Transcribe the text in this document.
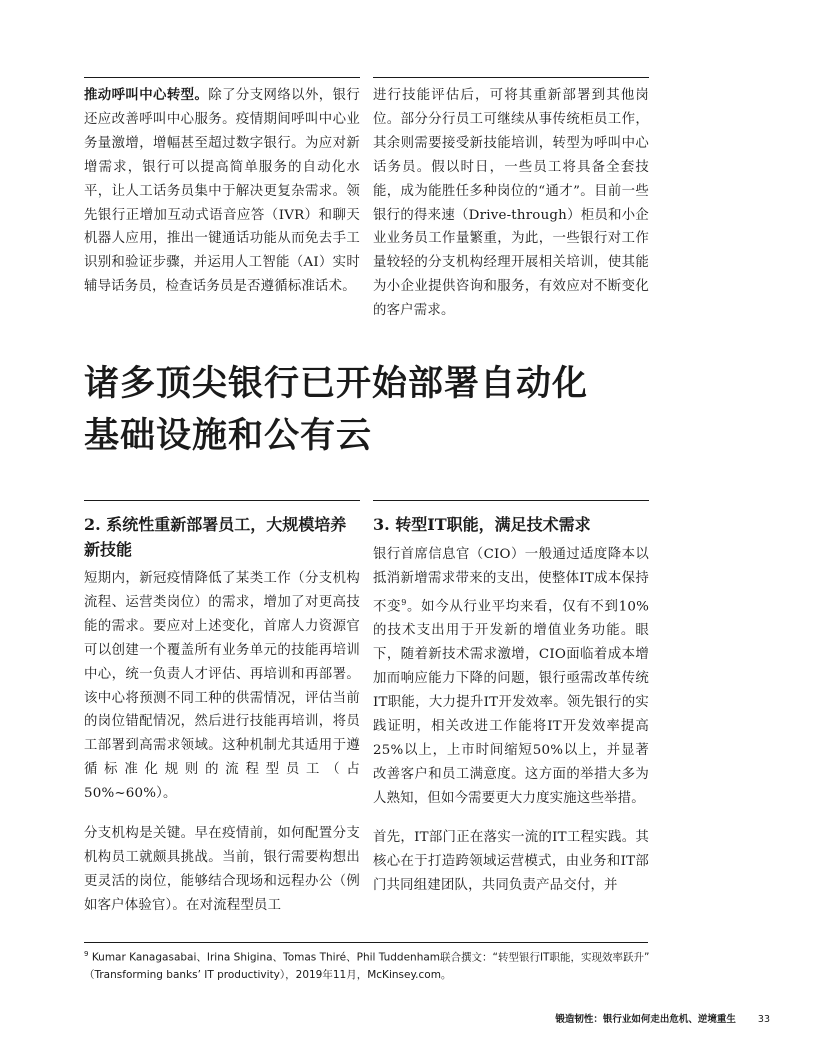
推动呼叫中心转型。除了分支网络以外，银行还应改善呼叫中心服务。疫情期间呼叫中心业务量激增，增幅甚至超过数字银行。为应对新增需求，银行可以提高简单服务的自动化水平，让人工话务员集中于解决更复杂需求。领先银行正增加互动式语音应答（IVR）和聊天机器人应用，推出一键通话功能从而免去手工识别和验证步骤，并运用人工智能（AI）实时辅导话务员，检查话务员是否遵循标准话术。

进行技能评估后，可将其重新部署到其他岗位。部分分行员工可继续从事传统柜员工作，其余则需要接受新技能培训，转型为呼叫中心话务员。假以时日，一些员工将具备全套技能，成为能胜任多种岗位的“通才”。目前一些银行的得来速（Drive-through）柜员和小企业业务员工作量繁重，为此，一些银行对工作量较轻的分支机构经理开展相关培训，使其能为小企业提供咨询和服务，有效应对不断变化的客户需求。

诸多顶尖银行已开始部署自动化
基础设施和公有云
2. 系统性重新部署员工，大规模培养新技能
3. 转型IT职能，满足技术需求

短期内，新冠疫情降低了某类工作（分支机构流程、运营类岗位）的需求，增加了对更高技能的需求。要应对上述变化，首席人力资源官可以创建一个覆盖所有业务单元的技能再培训中心，统一负责人才评估、再培训和再部署。该中心将预测不同工种的供需情况，评估当前的岗位错配情况，然后进行技能再培训，将员工部署到高需求领域。这种机制尤其适用于遵循标准化规则的流程型员工（占50%~60%）。

分支机构是关键。早在疫情前，如何配置分支机构员工就颇具挑战。当前，银行需要构想出更灵活的岗位，能够结合现场和远程办公（例如客户体验官）。在对流程型员工

银行首席信息官（CIO）一般通过适度降本以抵消新增需求带来的支出，使整体IT成本保持不变$^9$。如今从行业平均来看，仅有不到10%的技术支出用于开发新的增值业务功能。眼下，随着新技术需求激增，CIO面临着成本增加而响应能力下降的问题，银行亟需改革传统IT职能，大力提升IT开发效率。领先银行的实践证明，相关改进工作能将IT开发效率提高25%以上，上市时间缩短50%以上，并显著改善客户和员工满意度。这方面的举措大多为人熟知，但如今需要更大力度实施这些举措。

首先，IT部门正在落实一流的IT工程实践。其核心在于打造跨领域运营模式，由业务和IT部门共同组建团队，共同负责产品交付，并

$^9$ Kumar Kanagasabai、Irina Shigina、Tomas Thiré、Phil Tuddenham联合撰文：“转型银行IT职能，实现效率跃升”
（Transforming banks’ IT productivity），2019年11月，McKinsey.com。

锻造韧性：银行业如何走出危机、逆境重生 33
